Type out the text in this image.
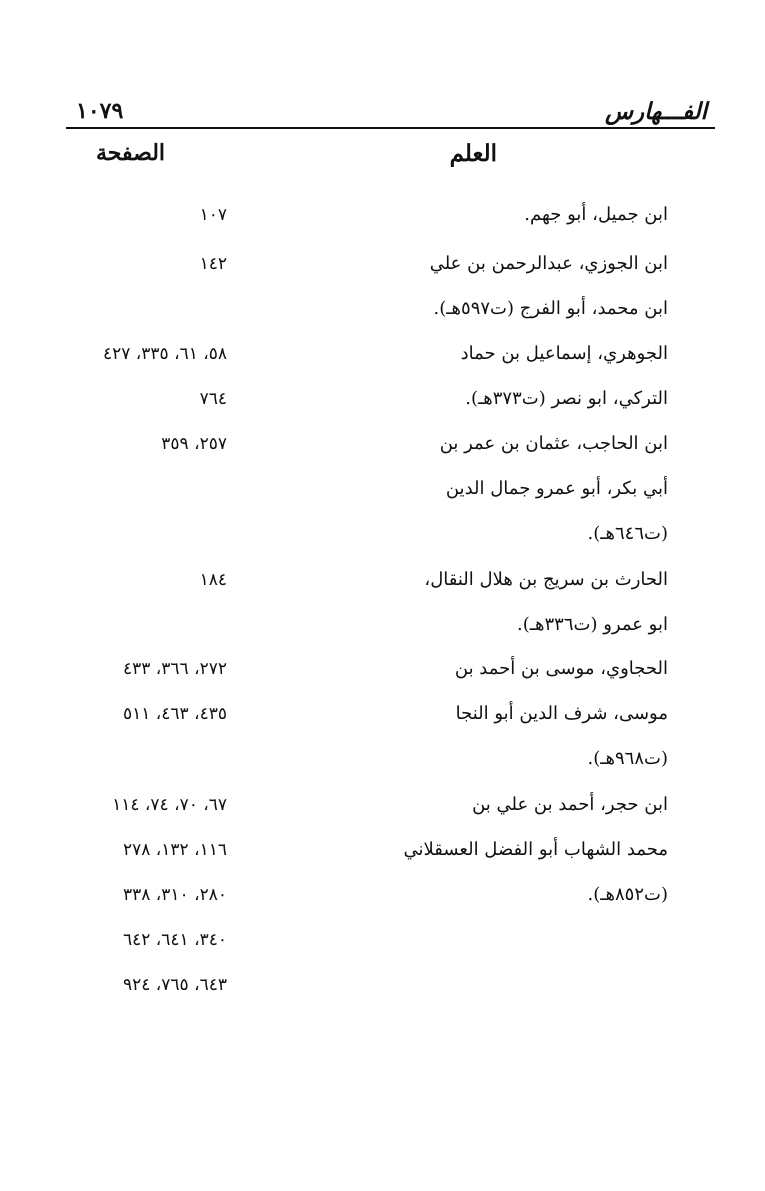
الفـــهارس
١٠٧٩
العلم
الصفحة
ابن جميل، أبو جهم.
١٠٧
ابن الجوزي، عبدالرحمن بن علي
ابن محمد، أبو الفرج (ت٥٩٧هـ).
١٤٢
الجوهري، إسماعيل بن حماد
التركي، ابو نصر (ت٣٧٣هـ).
٥٨، ٦١، ٣٣٥، ٤٢٧
٧٦٤
ابن الحاجب، عثمان بن عمر بن
أبي بكر، أبو عمرو جمال الدين
(ت٦٤٦هـ).
٢٥٧، ٣٥٩
الحارث بن سريج بن هلال النقال،
ابو عمرو (ت٣٣٦هـ).
١٨٤
الحجاوي، موسى بن أحمد بن
موسى، شرف الدين أبو النجا
(ت٩٦٨هـ).
٢٧٢، ٣٦٦، ٤٣٣
٤٣٥، ٤٦٣، ٥١١
ابن حجر، أحمد بن علي بن
محمد الشهاب أبو الفضل العسقلاني
(ت٨٥٢هـ).
٦٧، ٧٠، ٧٤، ١١٤
١١٦، ١٣٢، ٢٧٨
٢٨٠، ٣١٠، ٣٣٨
٣٤٠، ٦٤١، ٦٤٢
٦٤٣، ٧٦٥، ٩٢٤
